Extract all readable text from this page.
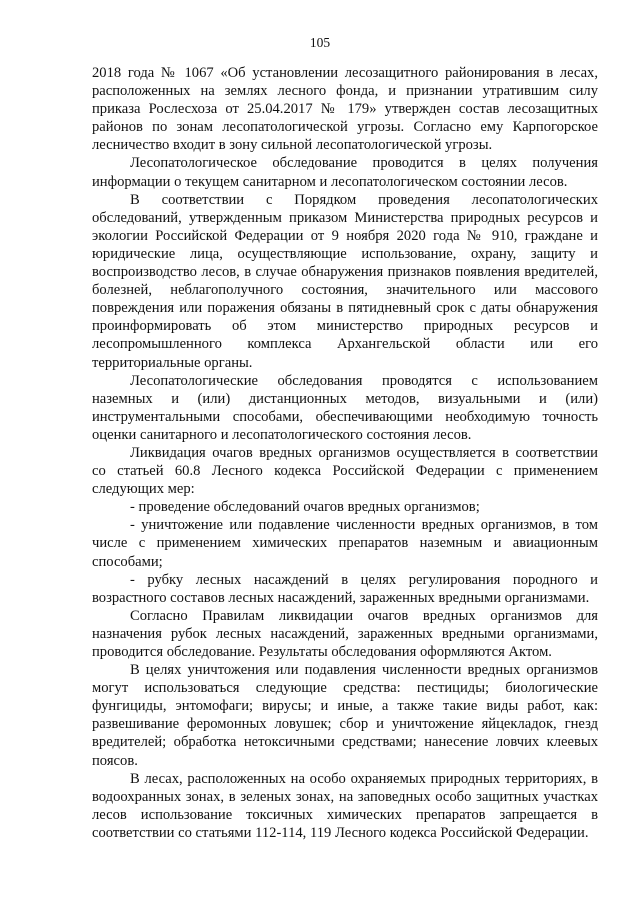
105

2018 года № 1067 «Об установлении лесозащитного районирования в лесах, расположенных на землях лесного фонда, и признании утратившим силу приказа Рослесхоза от 25.04.2017 № 179» утвержден состав лесозащитных районов по зонам лесопатологической угрозы. Согласно ему Карпогорское лесничество входит в зону сильной лесопатологической угрозы.

Лесопатологическое обследование проводится в целях получения информации о текущем санитарном и лесопатологическом состоянии лесов.

В соответствии с Порядком проведения лесопатологических обследований, утвержденным приказом Министерства природных ресурсов и экологии Российской Федерации от 9 ноября 2020 года № 910, граждане и юридические лица, осуществляющие использование, охрану, защиту и воспроизводство лесов, в случае обнаружения признаков появления вредителей, болезней, неблагополучного состояния, значительного или массового повреждения или поражения обязаны в пятидневный срок с даты обнаружения проинформировать об этом министерство природных ресурсов и лесопромышленного комплекса Архангельской области или его территориальные органы.

Лесопатологические обследования проводятся с использованием наземных и (или) дистанционных методов, визуальными и (или) инструментальными способами, обеспечивающими необходимую точность оценки санитарного и лесопатологического состояния лесов.

Ликвидация очагов вредных организмов осуществляется в соответствии со статьей 60.8 Лесного кодекса Российской Федерации с применением следующих мер:

- проведение обследований очагов вредных организмов;

- уничтожение или подавление численности вредных организмов, в том числе с применением химических препаратов наземным и авиационным способами;

- рубку лесных насаждений в целях регулирования породного и возрастного составов лесных насаждений, зараженных вредными организмами.

Согласно Правилам ликвидации очагов вредных организмов для назначения рубок лесных насаждений, зараженных вредными организмами, проводится обследование. Результаты обследования оформляются Актом.

В целях уничтожения или подавления численности вредных организмов могут использоваться следующие средства: пестициды; биологические фунгициды, энтомофаги; вирусы; и иные, а также такие виды работ, как: развешивание феромонных ловушек; сбор и уничтожение яйцекладок, гнезд вредителей; обработка нетоксичными средствами; нанесение ловчих клеевых поясов.

В лесах, расположенных на особо охраняемых природных территориях, в водоохранных зонах, в зеленых зонах, на заповедных особо защитных участках лесов использование токсичных химических препаратов запрещается в соответствии со статьями 112-114, 119 Лесного кодекса Российской Федерации.
